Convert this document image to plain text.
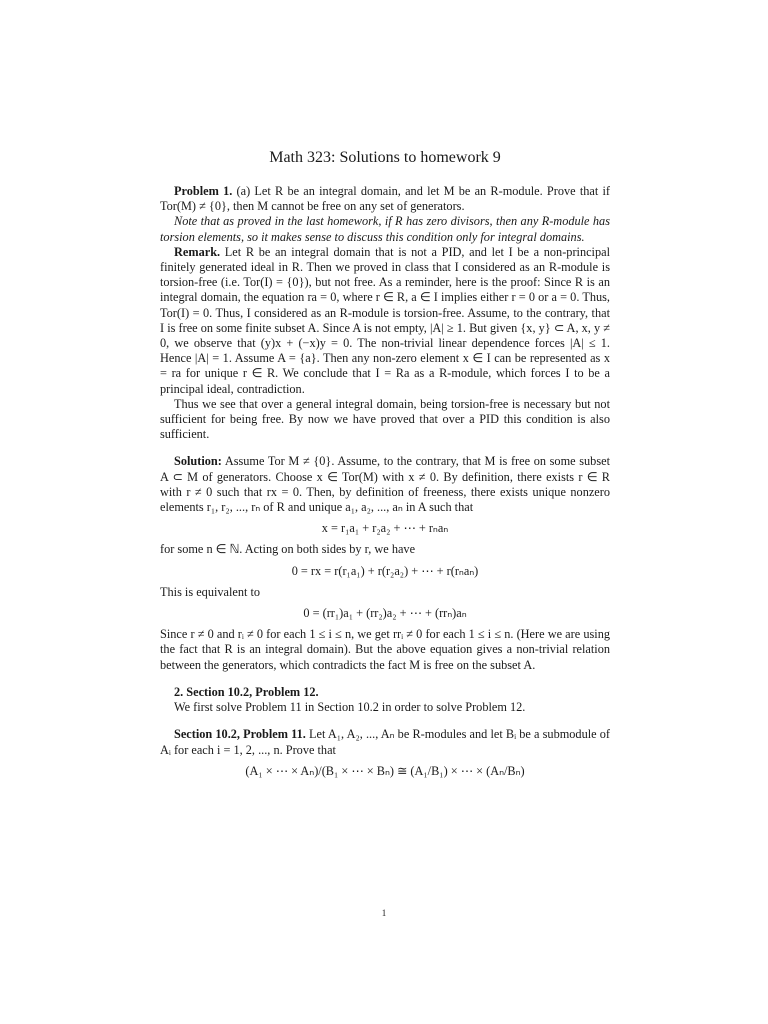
Math 323: Solutions to homework 9

Problem 1. (a) Let R be an integral domain, and let M be an R-module. Prove that if Tor(M) ≠ {0}, then M cannot be free on any set of generators.

Note that as proved in the last homework, if R has zero divisors, then any R-module has torsion elements, so it makes sense to discuss this condition only for integral domains.

Remark. Let R be an integral domain that is not a PID, and let I be a non-principal finitely generated ideal in R. Then we proved in class that I considered as an R-module is torsion-free (i.e. Tor(I) = {0}), but not free. As a reminder, here is the proof: Since R is an integral domain, the equation ra = 0, where r ∈ R, a ∈ I implies either r = 0 or a = 0. Thus, Tor(I) = 0. Thus, I considered as an R-module is torsion-free. Assume, to the contrary, that I is free on some finite subset A. Since A is not empty, |A| ≥ 1. But given {x, y} ⊂ A, x, y ≠ 0, we observe that (y)x + (−x)y = 0. The non-trivial linear dependence forces |A| ≤ 1. Hence |A| = 1. Assume A = {a}. Then any non-zero element x ∈ I can be represented as x = ra for unique r ∈ R. We conclude that I = Ra as a R-module, which forces I to be a principal ideal, contradiction.

Thus we see that over a general integral domain, being torsion-free is necessary but not sufficient for being free. By now we have proved that over a PID this condition is also sufficient.

Solution: Assume Tor M ≠ {0}. Assume, to the contrary, that M is free on some subset A ⊂ M of generators. Choose x ∈ Tor(M) with x ≠ 0. By definition, there exists r ∈ R with r ≠ 0 such that rx = 0. Then, by definition of freeness, there exists unique nonzero elements r₁, r₂, ..., rₙ of R and unique a₁, a₂, ..., aₙ in A such that

x = r₁a₁ + r₂a₂ + ⋯ + rₙaₙ

for some n ∈ ℕ. Acting on both sides by r, we have

0 = rx = r(r₁a₁) + r(r₂a₂) + ⋯ + r(rₙaₙ)

This is equivalent to

0 = (rr₁)a₁ + (rr₂)a₂ + ⋯ + (rrₙ)aₙ

Since r ≠ 0 and rᵢ ≠ 0 for each 1 ≤ i ≤ n, we get rrᵢ ≠ 0 for each 1 ≤ i ≤ n. (Here we are using the fact that R is an integral domain). But the above equation gives a non-trivial relation between the generators, which contradicts the fact M is free on the subset A.

2. Section 10.2, Problem 12.

We first solve Problem 11 in Section 10.2 in order to solve Problem 12.

Section 10.2, Problem 11. Let A₁, A₂, ..., Aₙ be R-modules and let Bᵢ be a submodule of Aᵢ for each i = 1, 2, ..., n. Prove that

(A₁ × ⋯ × Aₙ)/(B₁ × ⋯ × Bₙ) ≅ (A₁/B₁) × ⋯ × (Aₙ/Bₙ)
1
